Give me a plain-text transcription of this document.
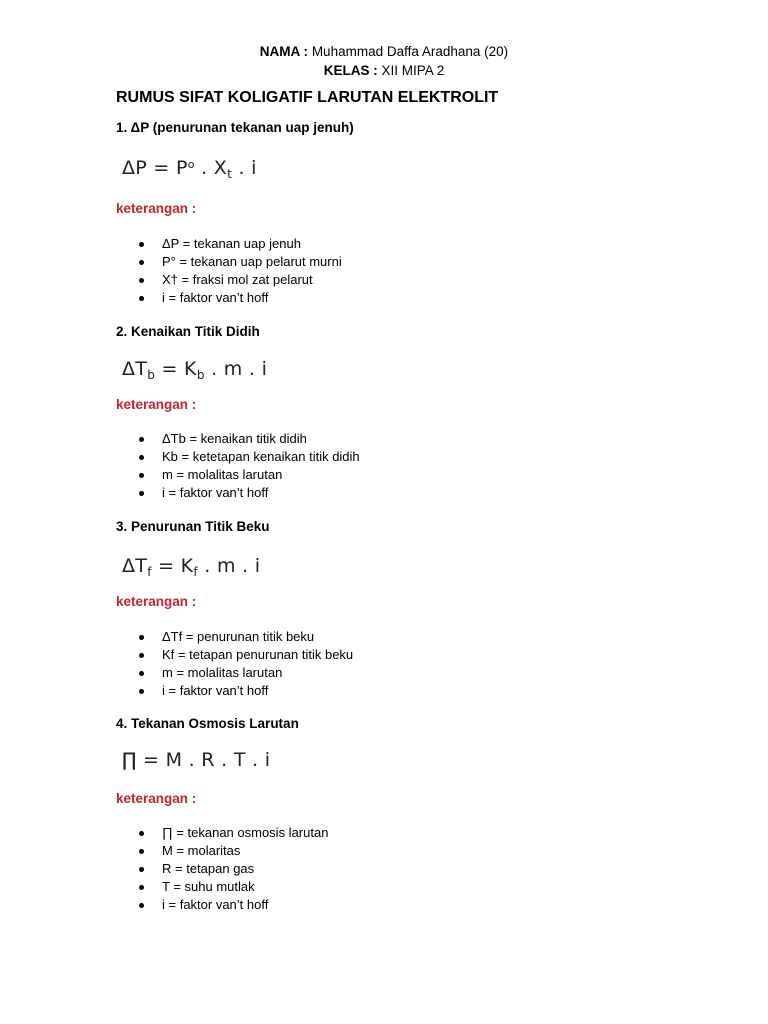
NAMA : Muhammad Daffa Aradhana (20)
KELAS : XII MIPA 2
RUMUS SIFAT KOLIGATIF LARUTAN ELEKTROLIT
1. ΔP (penurunan tekanan uap jenuh)
$\Delta P = P^o$ . $X_t$ . i
keterangan :
ΔP = tekanan uap jenuh
P° = tekanan uap pelarut murni
X† = fraksi mol zat pelarut
i = faktor van’t hoff
2. Kenaikan Titik Didih
$\Delta T_b = K_b$ . m . i
keterangan :
ΔTb = kenaikan titik didih
Kb = ketetapan kenaikan titik didih
m = molalitas larutan
i = faktor van’t hoff
3. Penurunan Titik Beku
$\Delta T_f = K_f$ . m . i
keterangan :
ΔTf = penurunan titik beku
Kf = tetapan penurunan titik beku
m = molalitas larutan
i = faktor van’t hoff
4. Tekanan Osmosis Larutan
∏ = M . R . T . i
keterangan :
∏ = tekanan osmosis larutan
M = molaritas
R = tetapan gas
T = suhu mutlak
i = faktor van’t hoff
